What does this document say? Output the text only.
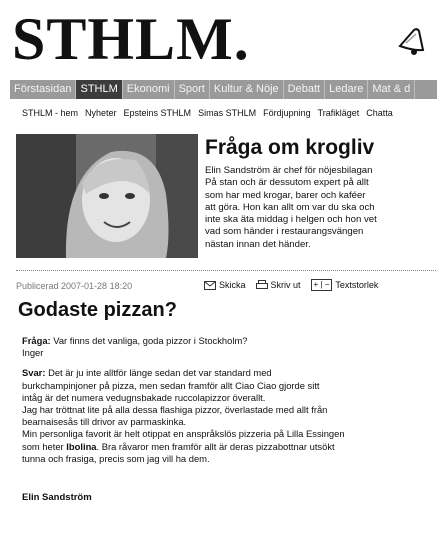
STHLM.
Förstasidan STHLM Ekonomi Sport Kultur & Nöje Debatt Ledare Mat & d
STHLM - hem Nyheter Epsteins STHLM Simas STHLM Fördjupning Trafikläget Chatta
Fråga om krogliv
Elin Sandström är chef för nöjesbilagan
På stan och är dessutom expert på allt
som har med krogar, barer och kaféer
att göra. Hon kan allt om var du ska och
inte ska äta middag i helgen och hon vet
vad som händer i restaurangsvängen
nästan innan det händer.
Publicerad 2007-01-28 18:20	Skicka	Skriv ut	+ | − Textstorlek
Godaste pizzan?

Fråga: Var finns det vanliga, goda pizzor i Stockholm?
Inger

Svar: Det är ju inte alltför länge sedan det var standard med
burkchampinjoner på pizza, men sedan framför allt Ciao Ciao gjorde sitt
intåg är det numera vedugnsbakade ruccolapizzor överallt.
Jag har tröttnat lite på alla dessa flashiga pizzor, överlastade med allt från
bearnaisesås till drivor av parmaskinka.
Min personliga favorit är helt otippat en anspråkslös pizzeria på Lilla Essingen
som heter Ibolina. Bra råvaror men framför allt är deras pizzabottnar utsökt
tunna och frasiga, precis som jag vill ha dem.

Elin Sandström
